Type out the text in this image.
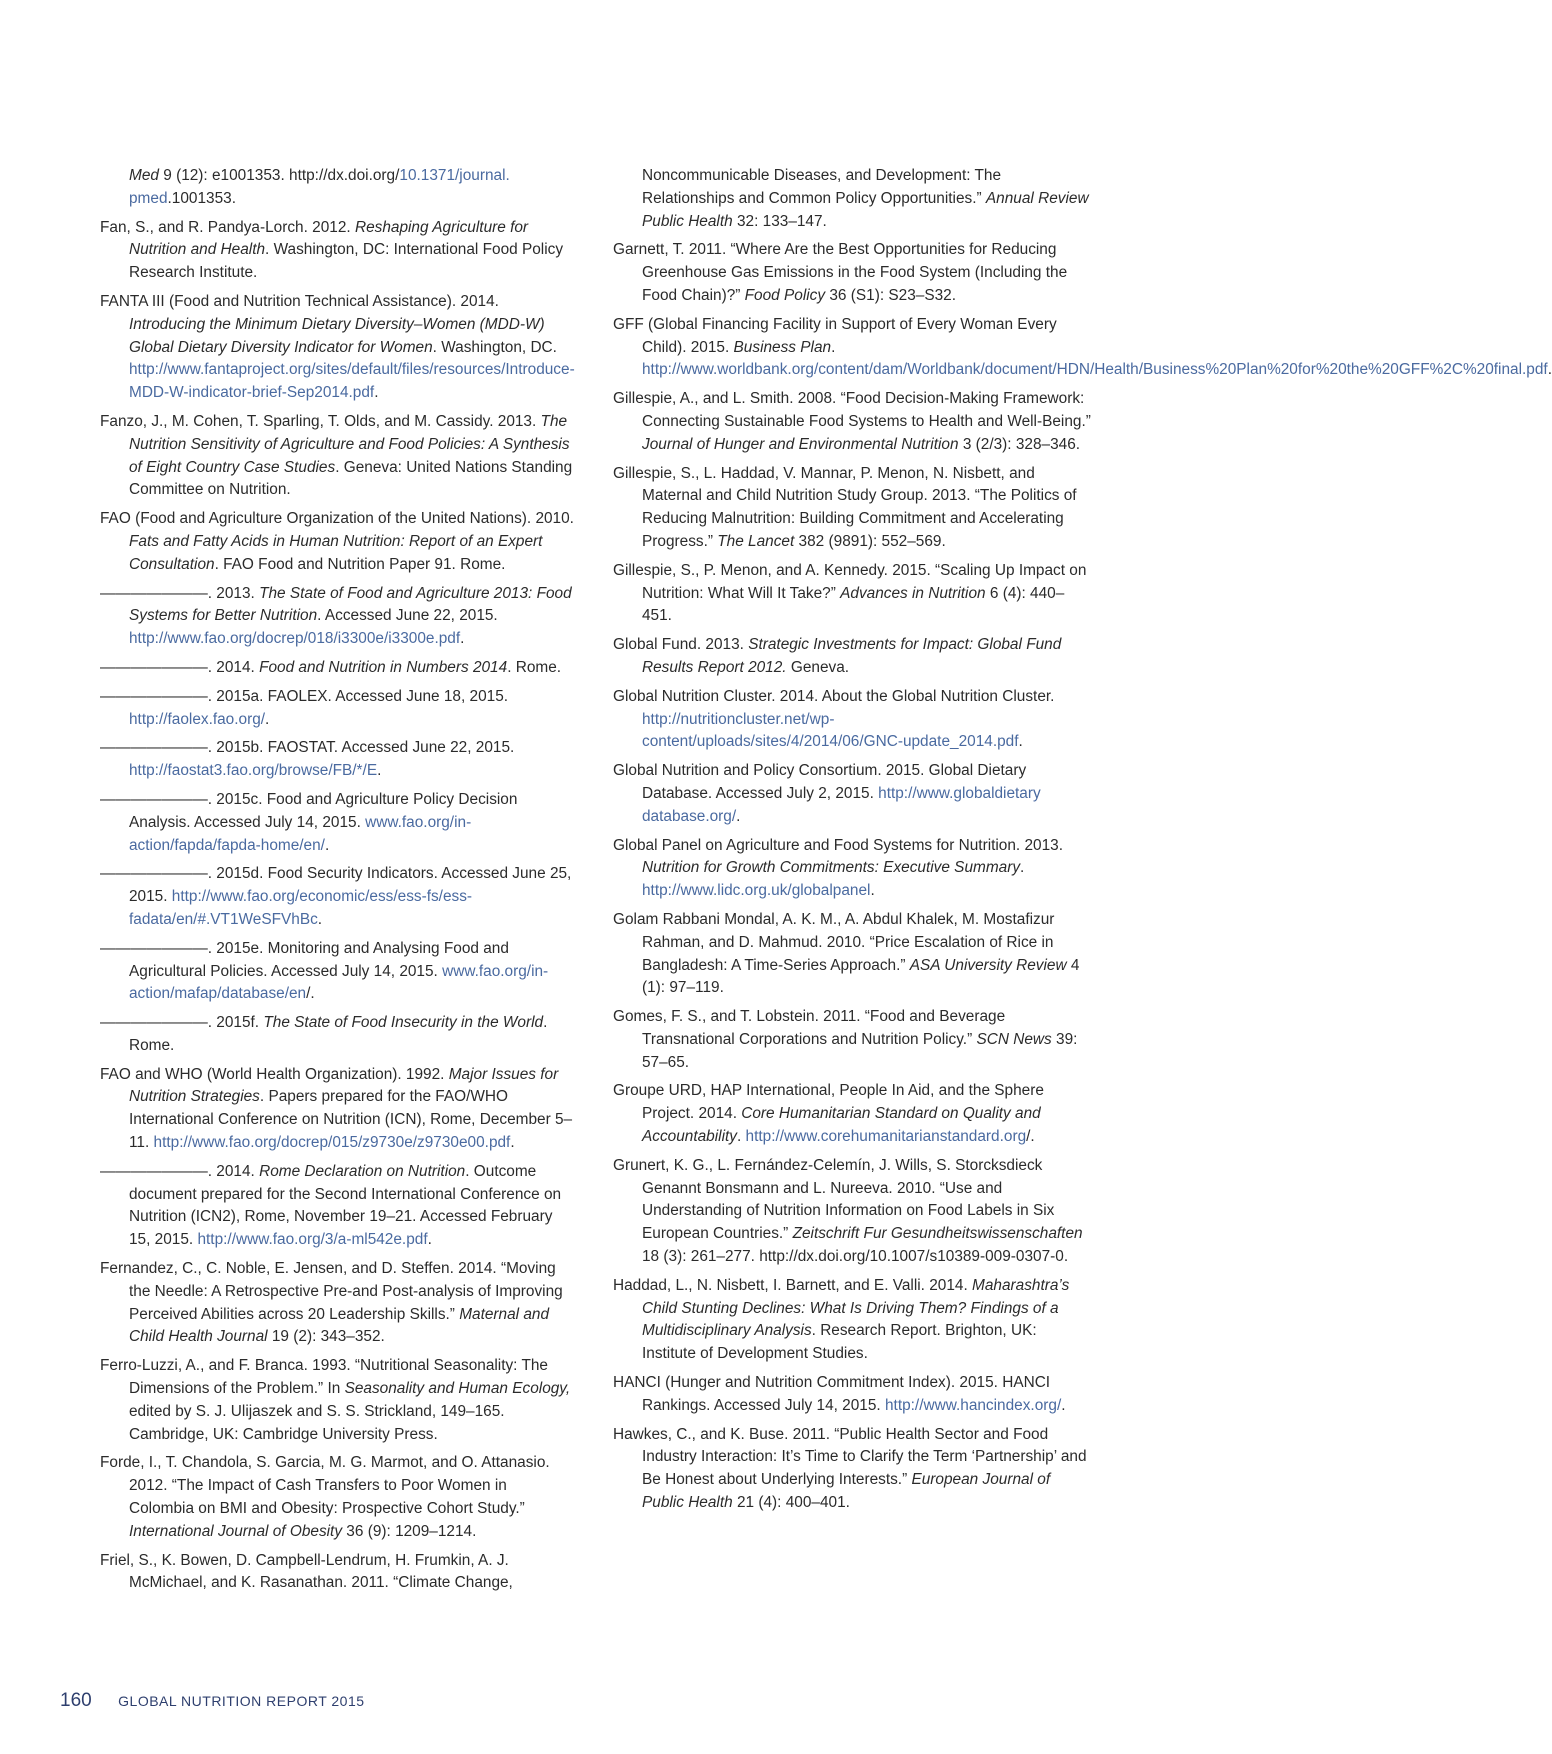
Med 9 (12): e1001353. http://dx.doi.org/10.1371/journal. pmed.1001353.

Fan, S., and R. Pandya-Lorch. 2012. Reshaping Agriculture for Nutrition and Health. Washington, DC: International Food Policy Research Institute.

FANTA III (Food and Nutrition Technical Assistance). 2014. Introducing the Minimum Dietary Diversity–Women (MDD-W) Global Dietary Diversity Indicator for Women. Washington, DC. http://www.fantaproject.org/sites/default/files/resources/Introduce-MDD-W-indicator-brief-Sep2014.pdf.

Fanzo, J., M. Cohen, T. Sparling, T. Olds, and M. Cassidy. 2013. The Nutrition Sensitivity of Agriculture and Food Policies: A Synthesis of Eight Country Case Studies. Geneva: United Nations Standing Committee on Nutrition.

FAO (Food and Agriculture Organization of the United Nations). 2010. Fats and Fatty Acids in Human Nutrition: Report of an Expert Consultation. FAO Food and Nutrition Paper 91. Rome.

———————. 2013. The State of Food and Agriculture 2013: Food Systems for Better Nutrition. Accessed June 22, 2015. http://www.fao.org/docrep/018/i3300e/i3300e.pdf.

———————. 2014. Food and Nutrition in Numbers 2014. Rome.

———————. 2015a. FAOLEX. Accessed June 18, 2015. http://faolex.fao.org/.

———————. 2015b. FAOSTAT. Accessed June 22, 2015. http://faostat3.fao.org/browse/FB/*/E.

———————. 2015c. Food and Agriculture Policy Decision Analysis. Accessed July 14, 2015. www.fao.org/in-action/fapda/fapda-home/en/.

———————. 2015d. Food Security Indicators. Accessed June 25, 2015. http://www.fao.org/economic/ess/ess-fs/ess-fadata/en/#.VT1WeSFVhBc.

———————. 2015e. Monitoring and Analysing Food and Agricultural Policies. Accessed July 14, 2015. www.fao.org/in-action/mafap/database/en/.

———————. 2015f. The State of Food Insecurity in the World. Rome.

FAO and WHO (World Health Organization). 1992. Major Issues for Nutrition Strategies. Papers prepared for the FAO/WHO International Conference on Nutrition (ICN), Rome, December 5–11. http://www.fao.org/docrep/015/z9730e/z9730e00.pdf.

———————. 2014. Rome Declaration on Nutrition. Outcome document prepared for the Second International Conference on Nutrition (ICN2), Rome, November 19–21. Accessed February 15, 2015. http://www.fao.org/3/a-ml542e.pdf.

Fernandez, C., C. Noble, E. Jensen, and D. Steffen. 2014. “Moving the Needle: A Retrospective Pre-and Post-analysis of Improving Perceived Abilities across 20 Leadership Skills.” Maternal and Child Health Journal 19 (2): 343–352.

Ferro-Luzzi, A., and F. Branca. 1993. “Nutritional Seasonality: The Dimensions of the Problem.” In Seasonality and Human Ecology, edited by S. J. Ulijaszek and S. S. Strickland, 149–165. Cambridge, UK: Cambridge University Press.

Forde, I., T. Chandola, S. Garcia, M. G. Marmot, and O. Attanasio. 2012. “The Impact of Cash Transfers to Poor Women in Colombia on BMI and Obesity: Prospective Cohort Study.” International Journal of Obesity 36 (9): 1209–1214.

Friel, S., K. Bowen, D. Campbell-Lendrum, H. Frumkin, A. J. McMichael, and K. Rasanathan. 2011. “Climate Change,

Noncommunicable Diseases, and Development: The Relationships and Common Policy Opportunities.” Annual Review Public Health 32: 133–147.

Garnett, T. 2011. “Where Are the Best Opportunities for Reducing Greenhouse Gas Emissions in the Food System (Including the Food Chain)?” Food Policy 36 (S1): S23–S32.

GFF (Global Financing Facility in Support of Every Woman Every Child). 2015. Business Plan. http://www.worldbank.org/content/dam/Worldbank/document/HDN/Health/Business%20Plan%20for%20the%20GFF%2C%20final.pdf.

Gillespie, A., and L. Smith. 2008. “Food Decision-Making Framework: Connecting Sustainable Food Systems to Health and Well-Being.” Journal of Hunger and Environmental Nutrition 3 (2/3): 328–346.

Gillespie, S., L. Haddad, V. Mannar, P. Menon, N. Nisbett, and Maternal and Child Nutrition Study Group. 2013. “The Politics of Reducing Malnutrition: Building Commitment and Accelerating Progress.” The Lancet 382 (9891): 552–569.

Gillespie, S., P. Menon, and A. Kennedy. 2015. “Scaling Up Impact on Nutrition: What Will It Take?” Advances in Nutrition 6 (4): 440–451.

Global Fund. 2013. Strategic Investments for Impact: Global Fund Results Report 2012. Geneva.

Global Nutrition Cluster. 2014. About the Global Nutrition Cluster. http://nutritioncluster.net/wp-content/uploads/sites/4/2014/06/GNC-update_2014.pdf.

Global Nutrition and Policy Consortium. 2015. Global Dietary Database. Accessed July 2, 2015. http://www.globaldietary database.org/.

Global Panel on Agriculture and Food Systems for Nutrition. 2013. Nutrition for Growth Commitments: Executive Summary. http://www.lidc.org.uk/globalpanel.

Golam Rabbani Mondal, A. K. M., A. Abdul Khalek, M. Mostafizur Rahman, and D. Mahmud. 2010. “Price Escalation of Rice in Bangladesh: A Time-Series Approach.” ASA University Review 4 (1): 97–119.

Gomes, F. S., and T. Lobstein. 2011. “Food and Beverage Transnational Corporations and Nutrition Policy.” SCN News 39: 57–65.

Groupe URD, HAP International, People In Aid, and the Sphere Project. 2014. Core Humanitarian Standard on Quality and Accountability. http://www.corehumanitarianstandard.org/.

Grunert, K. G., L. Fernández-Celemín, J. Wills, S. Storcksdieck Genannt Bonsmann and L. Nureeva. 2010. “Use and Understanding of Nutrition Information on Food Labels in Six European Countries.” Zeitschrift Fur Gesundheitswissenschaften 18 (3): 261–277. http://dx.doi.org/10.1007/s10389-009-0307-0.

Haddad, L., N. Nisbett, I. Barnett, and E. Valli. 2014. Maharashtra’s Child Stunting Declines: What Is Driving Them? Findings of a Multidisciplinary Analysis. Research Report. Brighton, UK: Institute of Development Studies.

HANCI (Hunger and Nutrition Commitment Index). 2015. HANCI Rankings. Accessed July 14, 2015. http://www.hancindex.org/.

Hawkes, C., and K. Buse. 2011. “Public Health Sector and Food Industry Interaction: It’s Time to Clarify the Term ‘Partnership’ and Be Honest about Underlying Interests.” European Journal of Public Health 21 (4): 400–401.

160 GLOBAL NUTRITION REPORT 2015
